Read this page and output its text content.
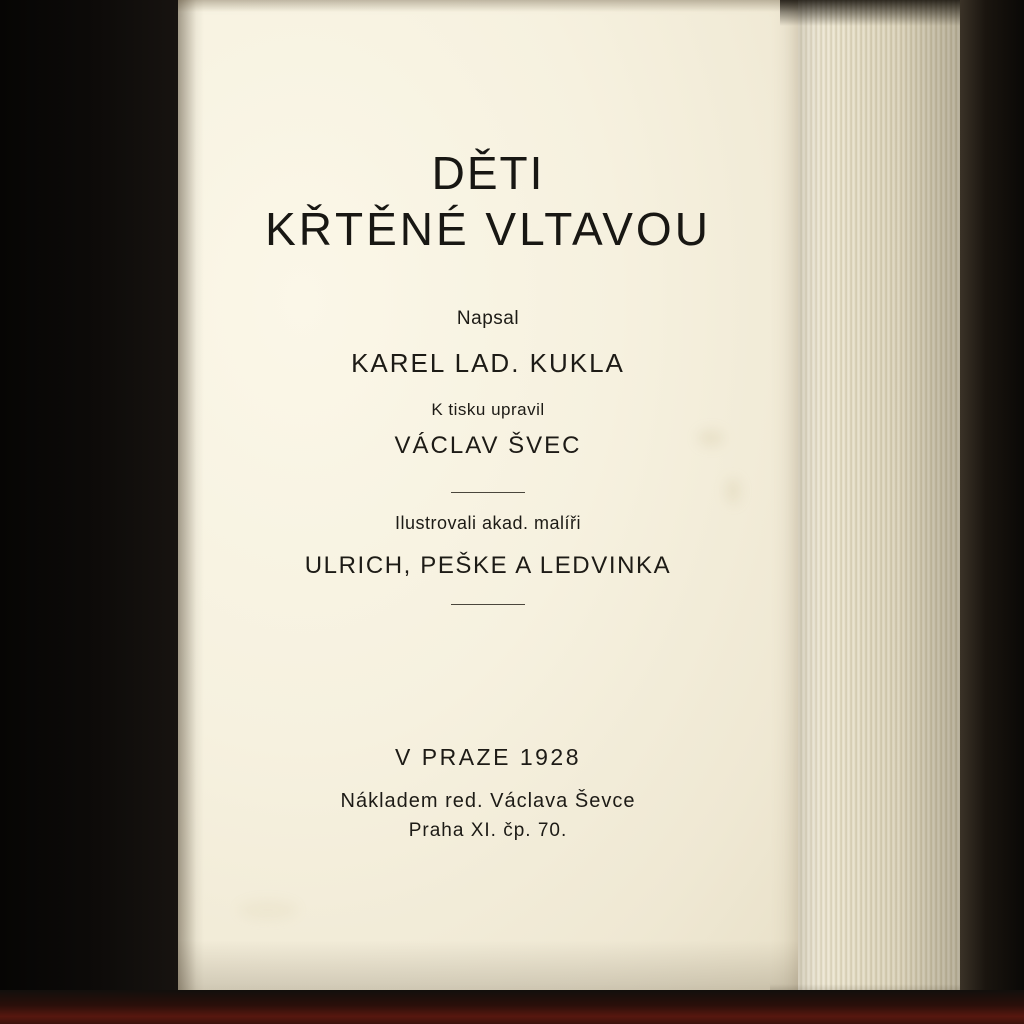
DĚTI
KŘTĚNÉ VLTAVOU
Napsal
KAREL LAD. KUKLA
K tisku upravil
VÁCLAV ŠVEC
Ilustrovali akad. malíři
ULRICH, PEŠKE A LEDVINKA
V PRAZE 1928
Nákladem red. Václava Ševce
Praha XI. čp. 70.
